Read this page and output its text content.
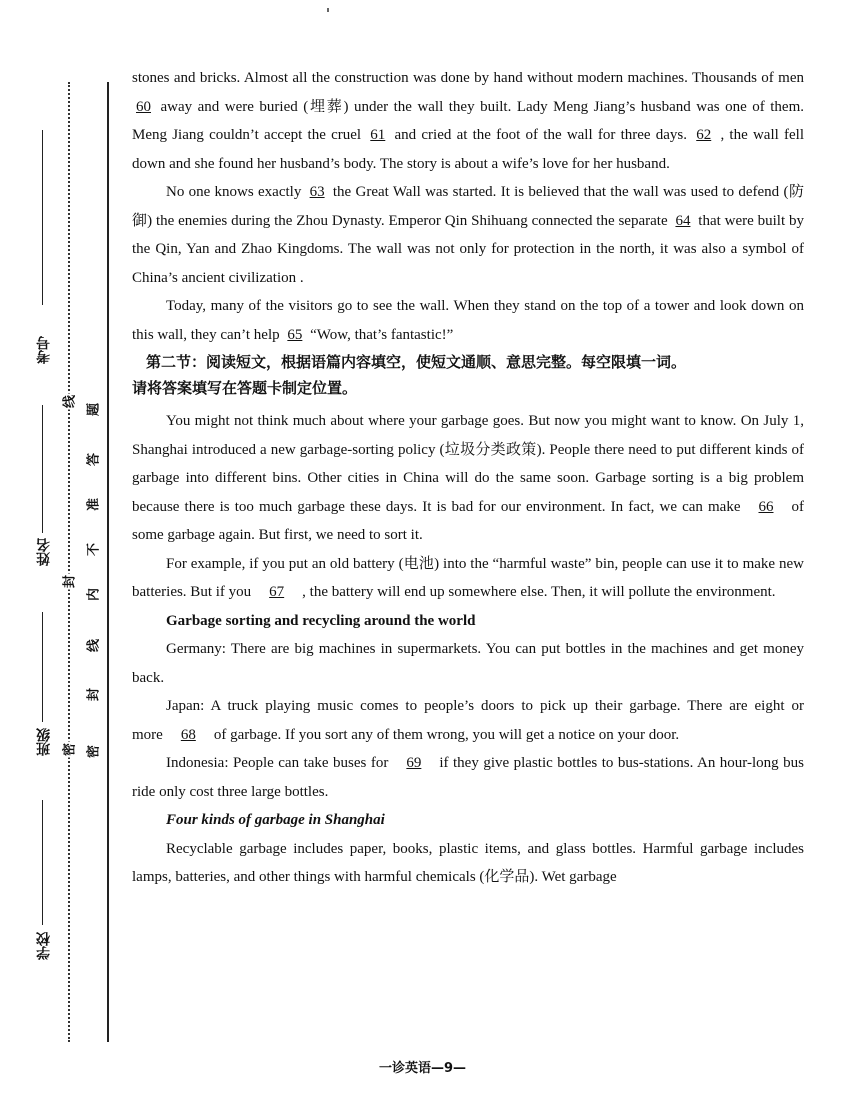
考号
姓名
班级
学校
线
封
密
题
答
准
不
内
线
封
密

stones and bricks. Almost all the construction was done by hand without modern machines. Thousands of men 60 away and were buried (埋葬) under the wall they built. Lady Meng Jiang’s husband was one of them. Meng Jiang couldn’t accept the cruel 61 and cried at the foot of the wall for three days. 62 , the wall fell down and she found her husband’s body. The story is about a wife’s love for her husband.

No one knows exactly 63 the Great Wall was started. It is believed that the wall was used to defend (防御) the enemies during the Zhou Dynasty. Emperor Qin Shihuang connected the separate 64 that were built by the Qin, Yan and Zhao Kingdoms. The wall was not only for protection in the north, it was also a symbol of China’s ancient civilization .

Today, many of the visitors go to see the wall. When they stand on the top of a tower and look down on this wall, they can’t help 65 “Wow, that’s fantastic!”

第二节：阅读短文，根据语篇内容填空，使短文通顺、意思完整。每空限填一词。

请将答案填写在答题卡制定位置。

You might not think much about where your garbage goes. But now you might want to know. On July 1, Shanghai introduced a new garbage-sorting policy (垃圾分类政策). People there need to put different kinds of garbage into different bins. Other cities in China will do the same soon. Garbage sorting is a big problem because there is too much garbage these days. It is bad for our environment. In fact, we can make 66 of some garbage again. But first, we need to sort it.

For example, if you put an old battery (电池) into the “harmful waste” bin, people can use it to make new batteries. But if you 67 , the battery will end up somewhere else. Then, it will pollute the environment.

Garbage sorting and recycling around the world

Germany: There are big machines in supermarkets. You can put bottles in the machines and get money back.

Japan: A truck playing music comes to people’s doors to pick up their garbage. There are eight or more 68 of garbage. If you sort any of them wrong, you will get a notice on your door.

Indonesia: People can take buses for 69 if they give plastic bottles to bus-stations. An hour-long bus ride only cost three large bottles.

Four kinds of garbage in Shanghai

Recyclable garbage includes paper, books, plastic items, and glass bottles. Harmful garbage includes lamps, batteries, and other things with harmful chemicals (化学品). Wet garbage

一诊英语—9—
